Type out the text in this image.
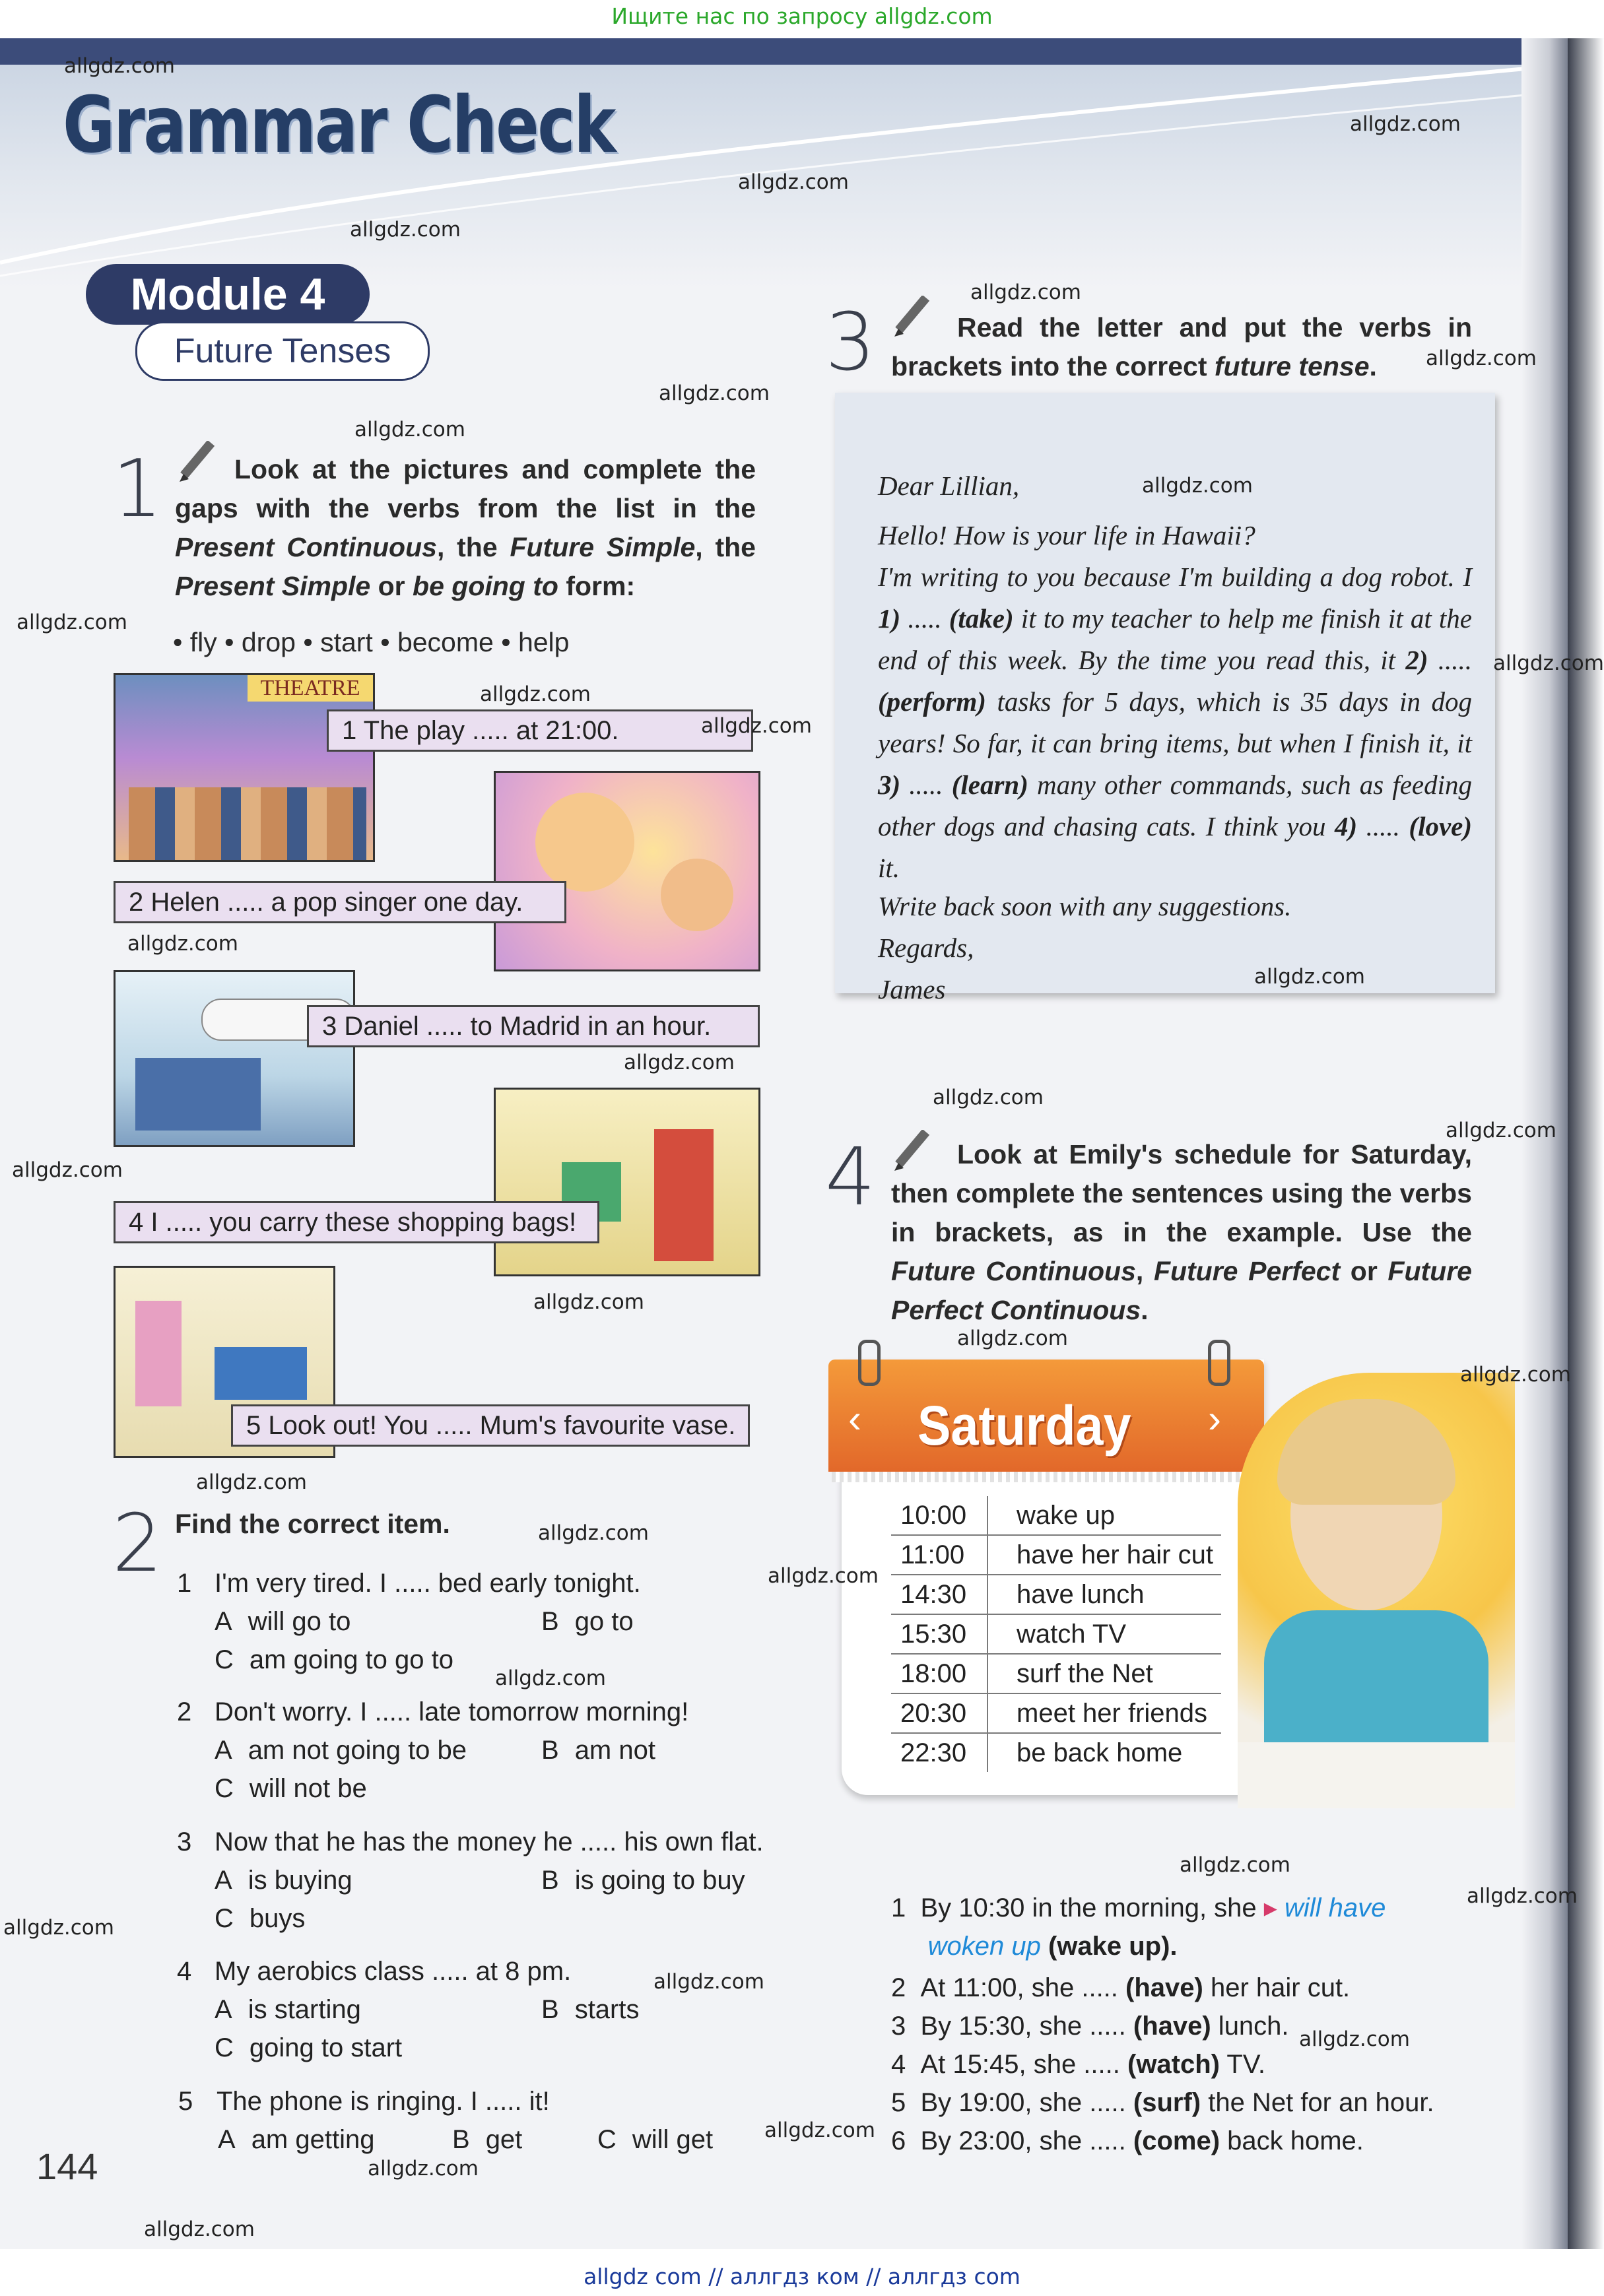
Ищите нас по запросу allgdz.com
Grammar Check
Module 4
Future Tenses
1	Look at the pictures and complete the gaps with the verbs from the list in the Present Continuous, the Future Simple, the Present Simple or be going to form:
• fly • drop • start • become • help
THEATRE
1 The play ..... at 21:00.
2 Helen ..... a pop singer one day.
3 Daniel ..... to Madrid in an hour.
4 I ..... you carry these shopping bags!
5 Look out! You ..... Mum's favourite vase.
2 Find the correct item.
1 I'm very tired. I ..... bed early tonight.
A will go to	B go to
C am going to go to
2 Don't worry. I ..... late tomorrow morning!
A am not going to be	B am not
C will not be
3 Now that he has the money he ..... his own flat.
A is buying	B is going to buy
C buys
4 My aerobics class ..... at 8 pm.
A is starting	B starts
C going to start
5 The phone is ringing. I ..... it!
A am getting	B get	C will get
144
3	Read the letter and put the verbs in brackets into the correct future tense.
Dear Lillian,
Hello! How is your life in Hawaii?
I'm writing to you because I'm building a dog robot. I 1) ..... (take) it to my teacher to help me finish it at the end of this week. By the time you read this, it 2) ..... (perform) tasks for 5 days, which is 35 days in dog years! So far, it can bring items, but when I finish it, it 3) ..... (learn) many other commands, such as feeding other dogs and chasing cats. I think you 4) ..... (love) it.
Write back soon with any suggestions.
Regards,
James
4	Look at Emily's schedule for Saturday, then complete the sentences using the verbs in brackets, as in the example. Use the Future Continuous, Future Perfect or Future Perfect Continuous.
‹ Saturday ›
10:00 wake up
11:00 have her hair cut
14:30 have lunch
15:30 watch TV
18:00 surf the Net
20:30 meet her friends
22:30 be back home
1  By 10:30 in the morning, she ▸ will have
woken up (wake up).
2  At 11:00, she ..... (have) her hair cut.
3  By 15:30, she ..... (have) lunch.
4  At 15:45, she ..... (watch) TV.
5  By 19:00, she ..... (surf) the Net for an hour.
6  By 23:00, she ..... (come) back home.
allgdz.com
allgdz.com
allgdz.com
allgdz.com
allgdz.com
allgdz.com
allgdz.com
allgdz.com
allgdz.com
allgdz.com
allgdz.com
allgdz.com
allgdz.com
allgdz.com
allgdz.com
allgdz.com
allgdz.com
allgdz.com
allgdz.com
allgdz.com
allgdz.com
allgdz.com
allgdz.com
allgdz.com
allgdz.com
allgdz.com
allgdz.com
allgdz.com
allgdz.com
allgdz.com
allgdz.com
allgdz.com
allgdz.com
allgdz.com
allgdz com // аллгдз ком // аллгдз com
